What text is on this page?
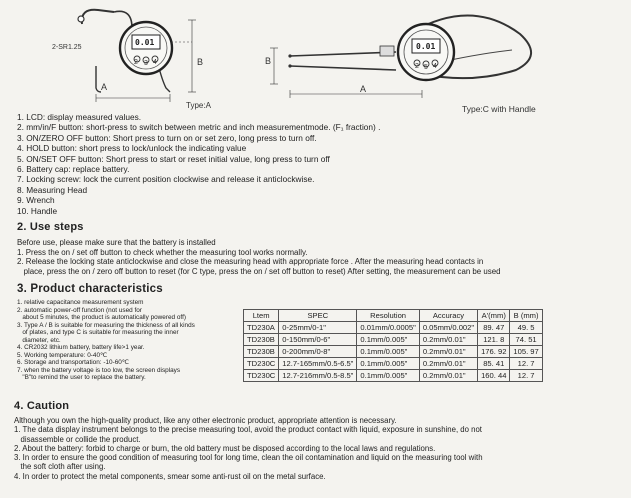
2-SR1.25
A
B
0.01
2 3 4
Type:A
B
A
0.01
2 5 4
Type:C with Handle
1. LCD: display measured values.
2. mm/in/F button: short-press to switch between metric and inch measurementmode. (F₁ fraction) .
3. ON/ZERO OFF button: Short press to turn on or set zero, long press to turn off.
4. HOLD button: short press to lock/unlock the indicating value
5. ON/SET OFF button: Short press to start or reset initial value, long press to turn off
6. Battery cap: replace battery.
7. Locking screw: lock the current position clockwise and release it anticlockwise.
8. Measuring Head
9. Wrench
10. Handle
2. Use steps
Before use, please make sure that the battery is installed
1. Press the on / set off button to check whether the measuring tool works normally.
2. Release the locking state anticlockwise and close the measuring head with appropriate force . After the measuring head contacts in
place, press the on / zero off button to reset (for C type, press the on / set off button to reset) After setting, the measurement can be used
3. Product characteristics
1. relative capacitance measurement system
2. automatic power-off function (not used for
about 5 minutes, the product is automatically powered off)
3. Type A / B is suitable for measuring the thickness of all kinds
of plates, and type C is suitable for measuring the inner
diameter, etc.
4. CR2032 lithium battery, battery life>1 year.
5. Working temperature: 0-40℃
6. Storage and transportation: -10-60℃
7. when the battery voltage is too low, the screen displays
"B"to remind the user to replace the battery.
Ltem	SPEC	Resolution	Accuracy	A'(mm)	B (mm)
TD230A	0-25mm/0-1"	0.01mm/0.0005"	0.05mm/0.002"	89. 47	49. 5
TD230B	0-150mm/0-6"	0.1mm/0.005"	0.2mm/0.01"	121. 8	74. 51
TD230B	0-200mm/0-8"	0.1mm/0.005"	0.2mm/0.01"	176. 92	105. 97
TD230C	12.7-165mm/0.5-6.5"	0.1mm/0.005"	0.2mm/0.01"	85. 41	12. 7
TD230C	12.7-216mm/0.5-8.5"	0.1mm/0.005"	0.2mm/0.01"	160. 44	12. 7
4. Caution
Although you own the high-quality product, like any other electronic product, appropriate attention is necessary.
1. The data display instrument belongs to the precise measuring tool, avoid the product contact with liquid, exposure in sunshine, do not
disassemble or collide the product.
2. About the battery: forbid to charge or burn, the old battery must be disposed according to the local laws and regulations.
3. In order to ensure the good condition of measuring tool for long time, clean the oil contamination and liquid on the measuring tool with
the soft cloth after using.
4. In order to protect the metal components, smear some anti-rust oil on the metal surface.
